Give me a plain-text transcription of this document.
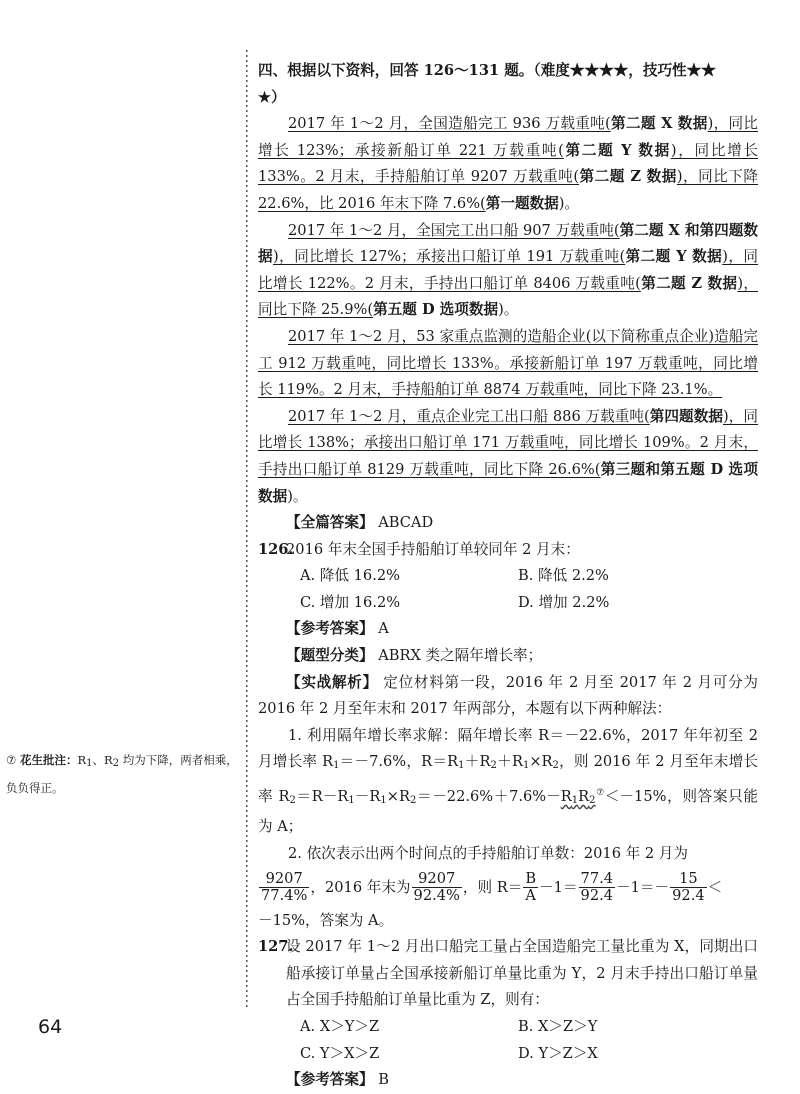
⑦ 花生批注：R1、R2 均为下降，两者相乘，负负得正。

四、根据以下资料，回答 126～131 题。（难度★★★★，技巧性★★
★）

2017 年 1～2 月，全国造船完工 936 万载重吨(第二题 X 数据)，同比增长 123%；承接新船订单 221 万载重吨(第二题 Y 数据)，同比增长 133%。2 月末，手持船舶订单 9207 万载重吨(第二题 Z 数据)，同比下降 22.6%，比 2016 年末下降 7.6%(第一题数据)。

2017 年 1～2 月，全国完工出口船 907 万载重吨(第二题 X 和第四题数据)，同比增长 127%；承接出口船订单 191 万载重吨(第二题 Y 数据)，同比增长 122%。2 月末，手持出口船订单 8406 万载重吨(第二题 Z 数据)，同比下降 25.9%(第五题 D 选项数据)。

2017 年 1～2 月，53 家重点监测的造船企业(以下简称重点企业)造船完工 912 万载重吨，同比增长 133%。承接新船订单 197 万载重吨，同比增长 119%。2 月末，手持船舶订单 8874 万载重吨，同比下降 23.1%。

2017 年 1～2 月，重点企业完工出口船 886 万载重吨(第四题数据)，同比增长 138%；承接出口船订单 171 万载重吨，同比增长 109%。2 月末，手持出口船订单 8129 万载重吨，同比下降 26.6%(第三题和第五题 D 选项数据)。

【全篇答案】 ABCAD

126.
2016 年末全国手持船舶订单较同年 2 月末：

A. 降低 16.2%	B. 降低 2.2%
C. 增加 16.2%	D. 增加 2.2%

【参考答案】 A

【题型分类】 ABRX 类之隔年增长率；

【实战解析】 定位材料第一段，2016 年 2 月至 2017 年 2 月可分为 2016 年 2 月至年末和 2017 年两部分，本题有以下两种解法：

1. 利用隔年增长率求解：隔年增长率 R＝－22.6%，2017 年年初至 2 月增长率 $R_1=-7.6\%$，$R=R_1+R_2+R_1\times R_2$，则 2016 年 2 月至年末增长率 $R_2=R-R_1-R_1\times R_2=-22.6\%+7.6\%-R_1R_2^⑦<-15\%$，则答案只能为 A；

2. 依次表示出两个时间点的手持船舶订单数：2016 年 2 月为

$\frac{9207}{77.4\%}$ ，2016 年末为 $\frac{9207}{92.4\%}$ ，则 $R= \frac{B}{A} -1= \frac{77.4}{92.4} -1=- \frac{15}{92.4}$ ＜

－15%，答案为 A。

127.
设 2017 年 1～2 月出口船完工量占全国造船完工量比重为 X，同期出口船承接订单量占全国承接新船订单量比重为 Y，2 月末手持出口船订单量占全国手持船舶订单量比重为 Z，则有：

A. X＞Y＞Z	B. X＞Z＞Y
C. Y＞X＞Z	D. Y＞Z＞X

【参考答案】 B

64
